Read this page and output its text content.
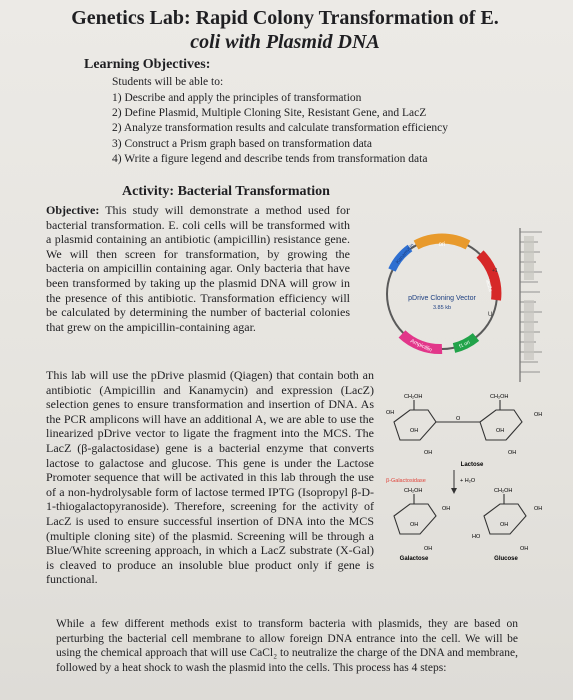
Genetics Lab: Rapid Colony Transformation of E.
coli with Plasmid DNA
Learning Objectives:
Students will be able to:
1) Describe and apply the principles of transformation
2) Define Plasmid, Multiple Cloning Site, Resistant Gene, and LacZ
2) Analyze transformation results and calculate transformation efficiency
3) Construct a Prism graph based on transformation data
4) Write a figure legend and describe tends from transformation data
Activity: Bacterial Transformation

Objective: This study will demonstrate a method used for bacterial transformation. E. coli cells will be transformed with a plasmid containing an antibiotic (ampicillin) resistance gene. We will then screen for transformation, by growing the bacteria on ampicillin containing agar. Only bacteria that have been transformed by taking up the plasmid DNA will grow in the presence of this antibiotic. Transformation efficiency will be calculated by determining the number of bacterial colonies that grew on the ampicillin-containing agar.

This lab will use the pDrive plasmid (Qiagen) that contain both an antibiotic (Ampicillin and Kanamycin) and expression (LacZ) selection genes to ensure transformation and insertion of DNA. As the PCR amplicons will have an additional A, we are able to use the linearized pDrive vector to ligate the fragment into the MCS. The LacZ (β-galactosidase) gene is a bacterial enzyme that converts lactose to galactose and glucose. This gene is under the Lactose Promoter sequence that will be activated in this lab through the use of a non-hydrolysable form of lactose termed IPTG (Isopropyl β-D-1-thiogalactopyranoside). Therefore, screening for the activity of LacZ is used to ensure successful insertion of DNA into the MCS (multiple cloning site) of the plasmid. Screening will be through a Blue/White screening approach, in which a LacZ substrate (X-Gal) is cleaved to produce an insoluble blue product only if gene is functional.

While a few different methods exist to transform bacteria with plasmids, they are based on perturbing the bacterial cell membrane to allow foreign DNA entrance into the cell. We will be using the chemical approach that will use CaCl₂ to neutralize the charge of the DNA and membrane, followed by a heat shock to wash the plasmid into the cells. This process has 4 steps:

ori
Kanamycin
Ampicillin
lacZα
f1 ori
+1
U
pDrive Cloning Vector
3.85 kb
CH₂OH	CH₂OH
OH
OH
O
OH
OH
OH	OH
Lactose
β-Galactosidase	+ H₂O
CH₂OH	CH₂OH
OH	OH
OH	OH
HO
OH	OH
Galactose	Glucose
